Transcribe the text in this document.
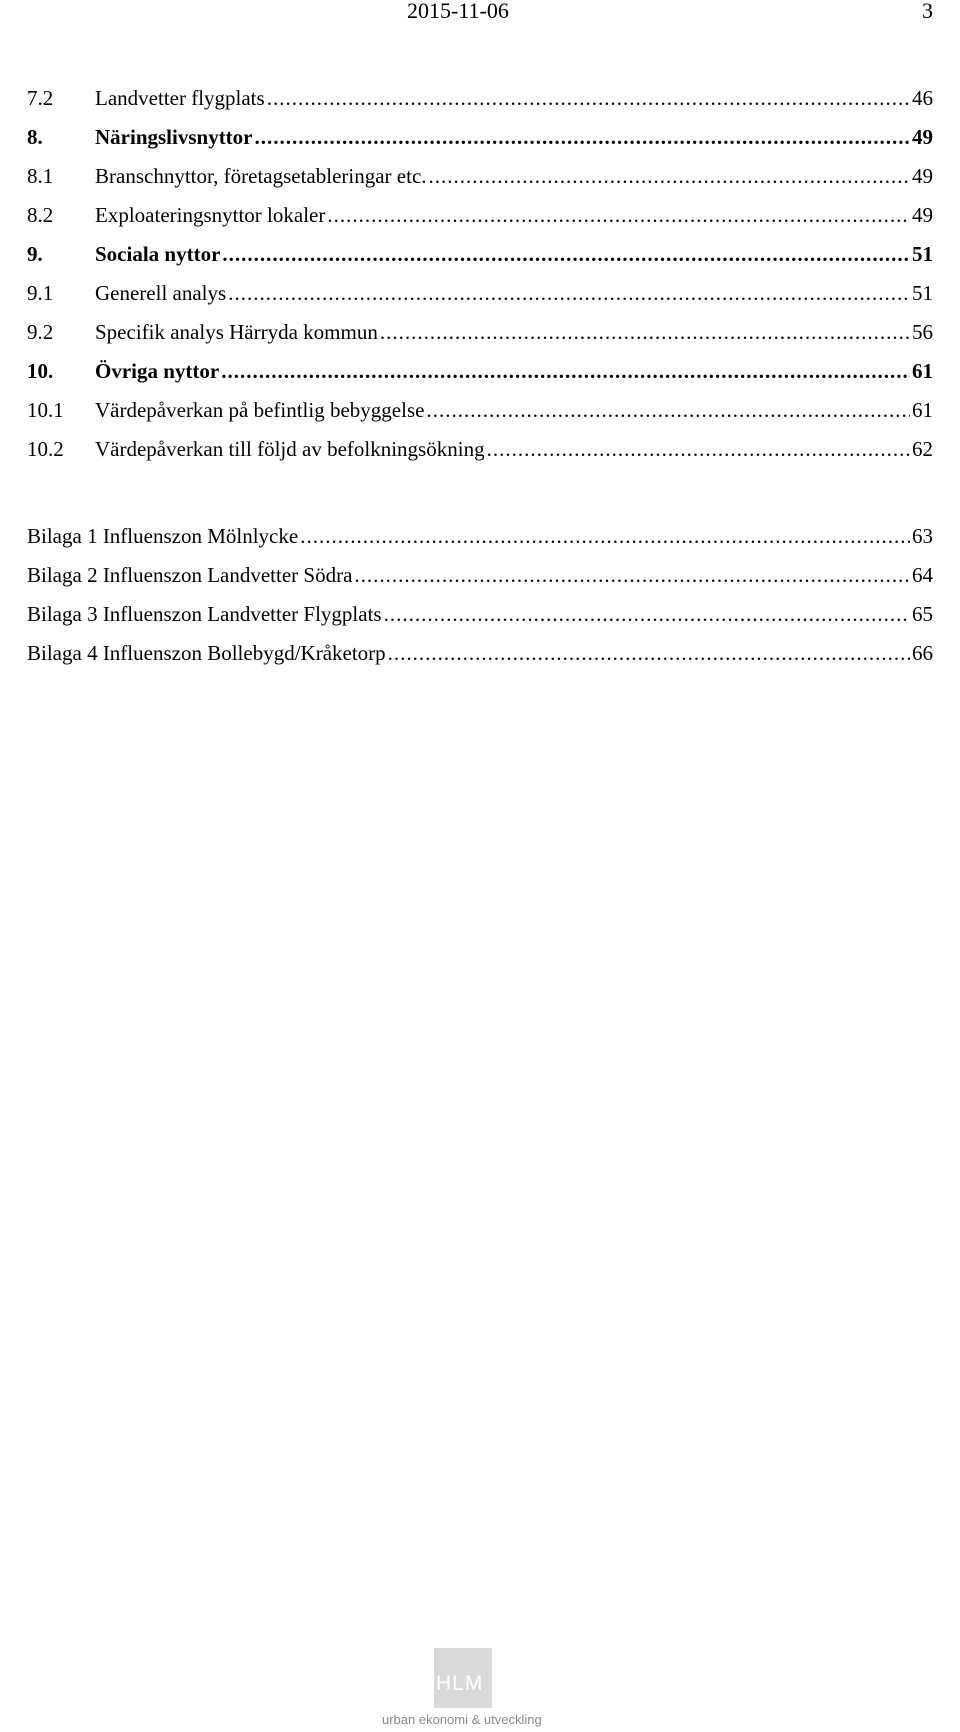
2015-11-06	3
7.2	Landvetter flygplats .....	46
8.	Näringslivsnyttor .....	49
8.1	Branschnyttor, företagsetableringar etc. .....	49
8.2	Exploateringsnyttor lokaler .....	49
9.	Sociala nyttor .....	51
9.1	Generell analys .....	51
9.2	Specifik analys Härryda kommun .....	56
10.	Övriga nyttor .....	61
10.1	Värdepåverkan på befintlig bebyggelse .....	61
10.2	Värdepåverkan till följd av befolkningsökning .....	62
Bilaga 1 Influenszon Mölnlycke .....	63
Bilaga 2 Influenszon Landvetter Södra .....	64
Bilaga 3 Influenszon Landvetter Flygplats .....	65
Bilaga 4 Influenszon Bollebygd/Kråketorp .....	66
HLM
urban ekonomi & utveckling
